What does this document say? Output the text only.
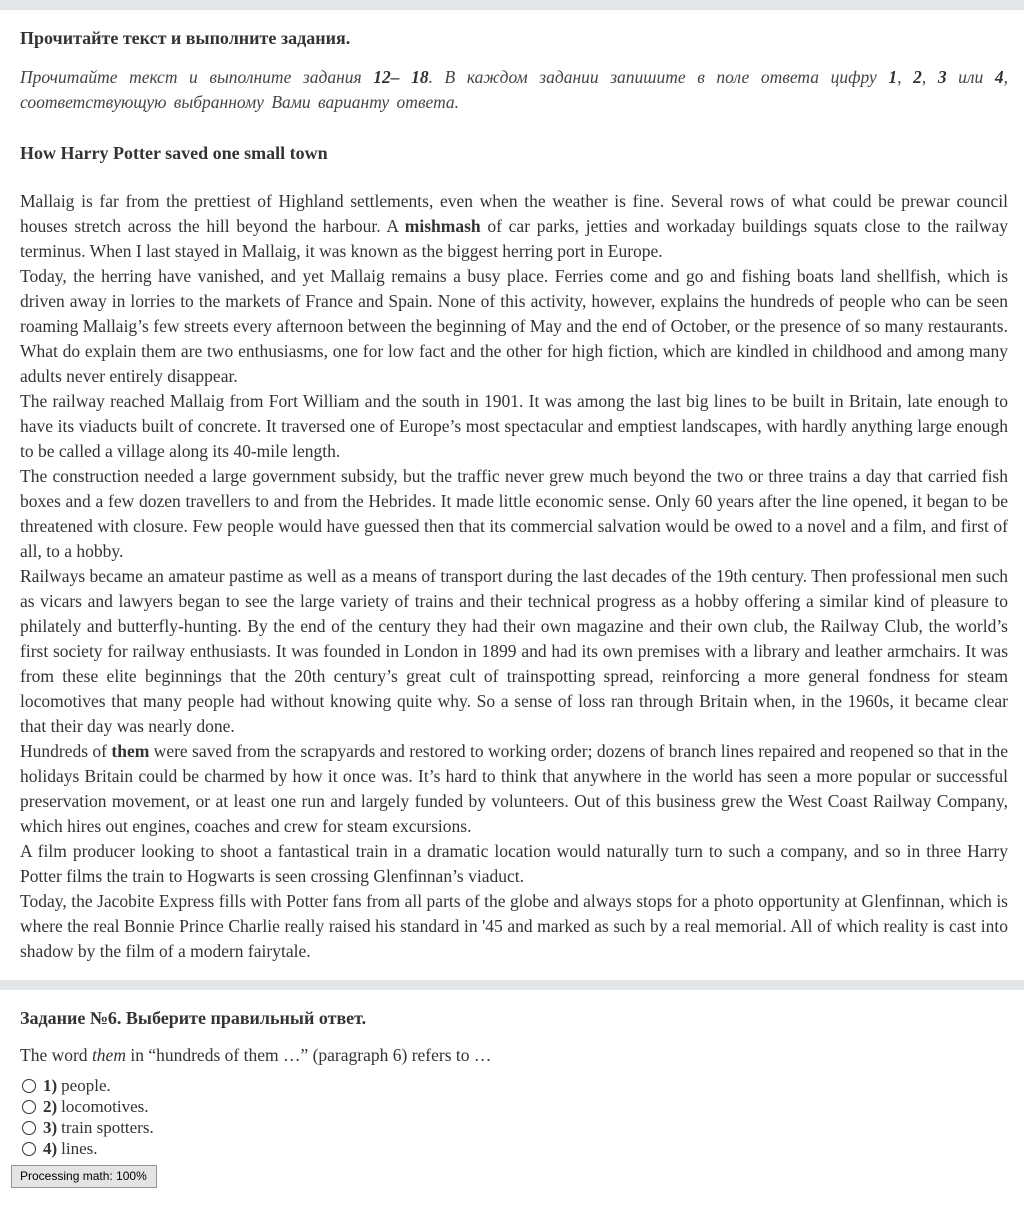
Прочитайте текст и выполните задания.
Прочитайте текст и выполните задания 12– 18. В каждом задании запишите в поле ответа цифру 1, 2, 3 или 4, соответствующую выбранному Вами варианту ответа.
How Harry Potter saved one small town

Mallaig is far from the prettiest of Highland settlements, even when the weather is fine. Several rows of what could be prewar council houses stretch across the hill beyond the harbour. A mishmash of car parks, jetties and workaday buildings squats close to the railway terminus. When I last stayed in Mallaig, it was known as the biggest herring port in Europe.

Today, the herring have vanished, and yet Mallaig remains a busy place. Ferries come and go and fishing boats land shellfish, which is driven away in lorries to the markets of France and Spain. None of this activity, however, explains the hundreds of people who can be seen roaming Mallaig’s few streets every afternoon between the beginning of May and the end of October, or the presence of so many restaurants. What do explain them are two enthusiasms, one for low fact and the other for high fiction, which are kindled in childhood and among many adults never entirely disappear.

The railway reached Mallaig from Fort William and the south in 1901. It was among the last big lines to be built in Britain, late enough to have its viaducts built of concrete. It traversed one of Europe’s most spectacular and emptiest landscapes, with hardly anything large enough to be called a village along its 40-mile length.

The construction needed a large government subsidy, but the traffic never grew much beyond the two or three trains a day that carried fish boxes and a few dozen travellers to and from the Hebrides. It made little economic sense. Only 60 years after the line opened, it began to be threatened with closure. Few people would have guessed then that its commercial salvation would be owed to a novel and a film, and first of all, to a hobby.

Railways became an amateur pastime as well as a means of transport during the last decades of the 19th century. Then professional men such as vicars and lawyers began to see the large variety of trains and their technical progress as a hobby offering a similar kind of pleasure to philately and butterfly-hunting. By the end of the century they had their own magazine and their own club, the Railway Club, the world’s first society for railway enthusiasts. It was founded in London in 1899 and had its own premises with a library and leather armchairs. It was from these elite beginnings that the 20th century’s great cult of trainspotting spread, reinforcing a more general fondness for steam locomotives that many people had without knowing quite why. So a sense of loss ran through Britain when, in the 1960s, it became clear that their day was nearly done.

Hundreds of them were saved from the scrapyards and restored to working order; dozens of branch lines repaired and reopened so that in the holidays Britain could be charmed by how it once was. It’s hard to think that anywhere in the world has seen a more popular or successful preservation movement, or at least one run and largely funded by volunteers. Out of this business grew the West Coast Railway Company, which hires out engines, coaches and crew for steam excursions.

A film producer looking to shoot a fantastical train in a dramatic location would naturally turn to such a company, and so in three Harry Potter films the train to Hogwarts is seen crossing Glenfinnan’s viaduct.

Today, the Jacobite Express fills with Potter fans from all parts of the globe and always stops for a photo opportunity at Glenfinnan, which is where the real Bonnie Prince Charlie really raised his standard in '45 and marked as such by a real memorial. All of which reality is cast into shadow by the film of a modern fairytale.

Задание №6. Выберите правильный ответ.
The word them in “hundreds of them …” (paragraph 6) refers to …
1) people.
2) locomotives.
3) train spotters.
4) lines.
Processing math: 100%
